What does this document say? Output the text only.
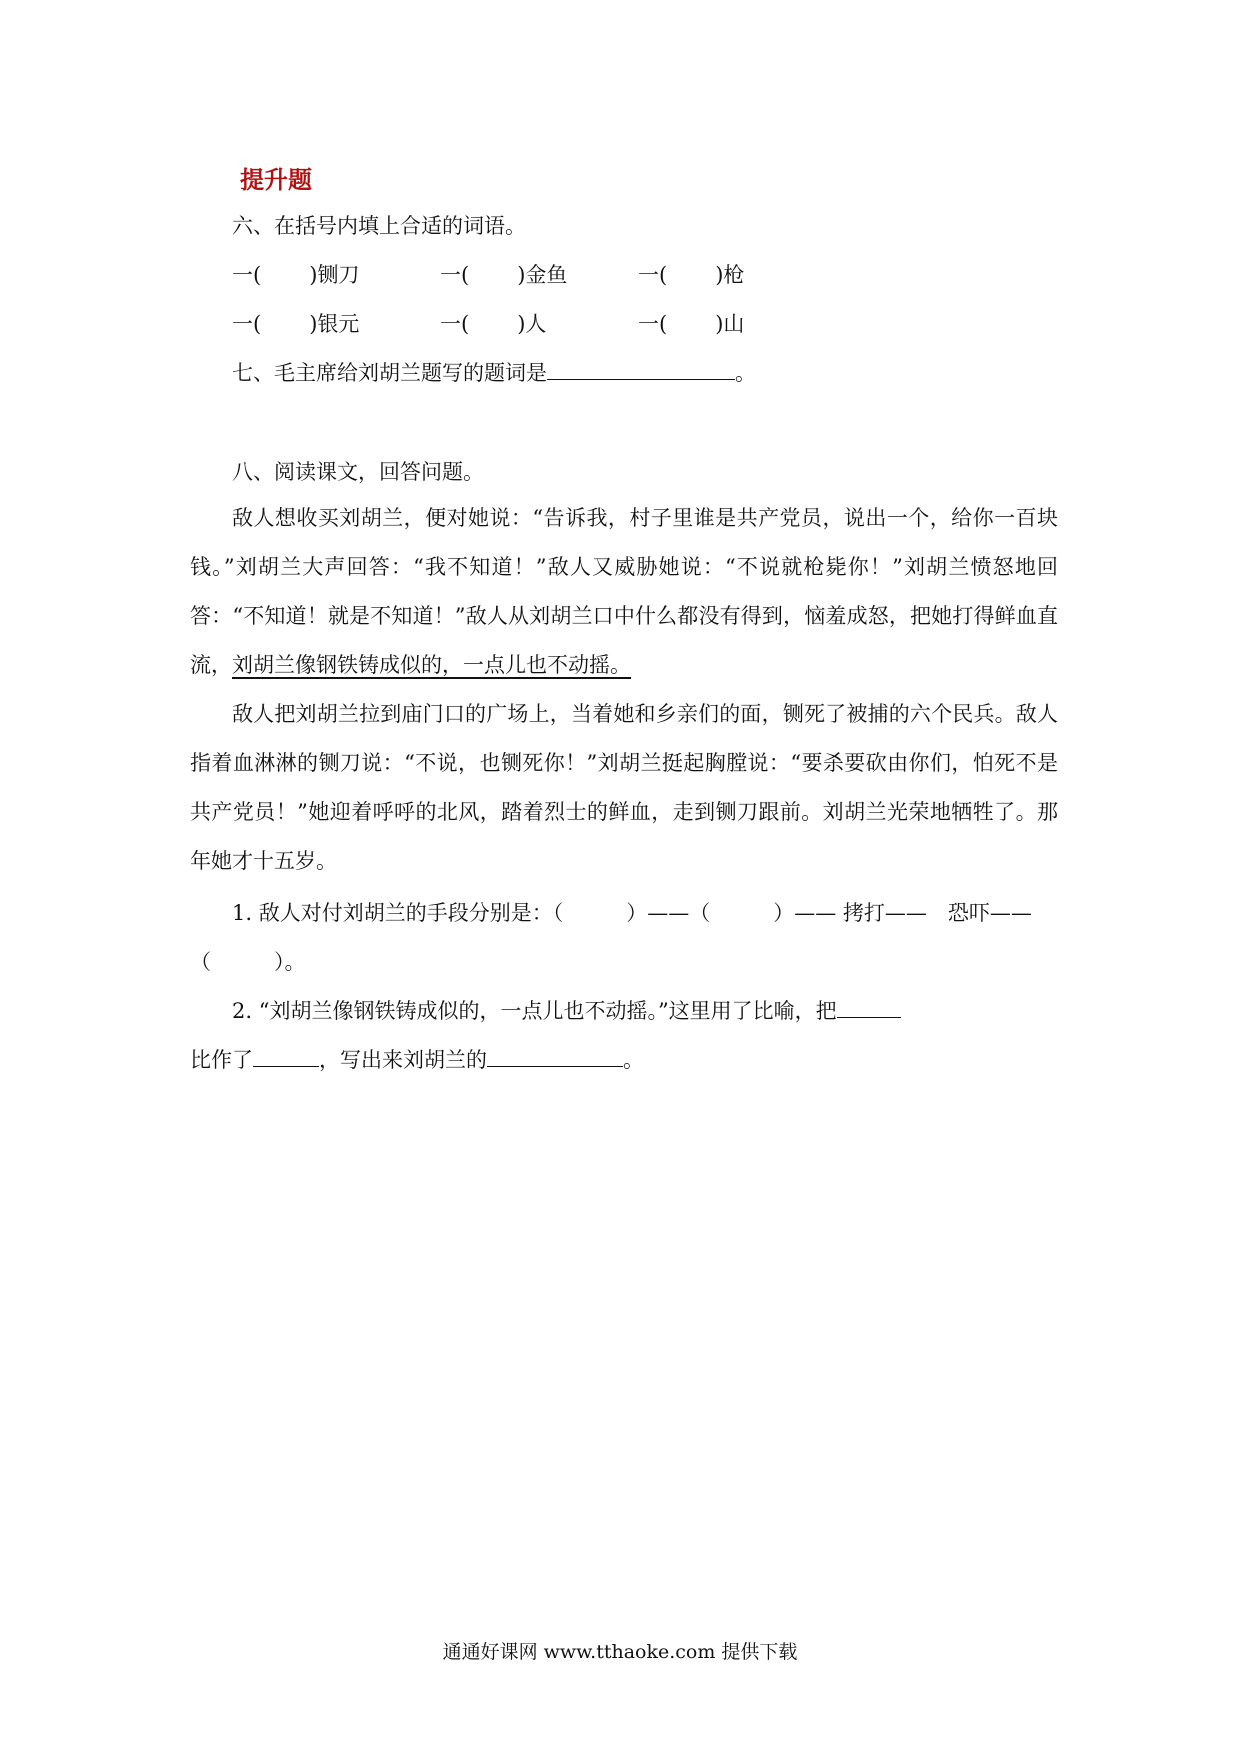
提升题
六、在括号内填上合适的词语。
一( )铡刀	一( )金鱼	一( )枪
一( )银元	一( )人	一( )山
七、毛主席给刘胡兰题写的题词是	。
八、阅读课文，回答问题。
敌人想收买刘胡兰，便对她说：“告诉我，村子里谁是共产党员，说出一个，给你一百块钱。”刘胡兰大声回答：“我不知道！”敌人又威胁她说：“不说就枪毙你！”刘胡兰愤怒地回答：“不知道！就是不知道！”敌人从刘胡兰口中什么都没有得到，恼羞成怒，把她打得鲜血直流，刘胡兰像钢铁铸成似的，一点儿也不动摇。
敌人把刘胡兰拉到庙门口的广场上，当着她和乡亲们的面，铡死了被捕的六个民兵。敌人指着血淋淋的铡刀说：“不说，也铡死你！”刘胡兰挺起胸膛说：“要杀要砍由你们，怕死不是共产党员！”她迎着呼呼的北风，踏着烈士的鲜血，走到铡刀跟前。刘胡兰光荣地牺牲了。那年她才十五岁。
1. 敌人对付刘胡兰的手段分别是：（　　　）——（　　　）—— 拷打——　恐吓——
（　　　）。
2. “刘胡兰像钢铁铸成似的，一点儿也不动摇。”这里用了比喻，把
比作了	，写出来刘胡兰的	。
通通好课网 www.tthaoke.com 提供下载
